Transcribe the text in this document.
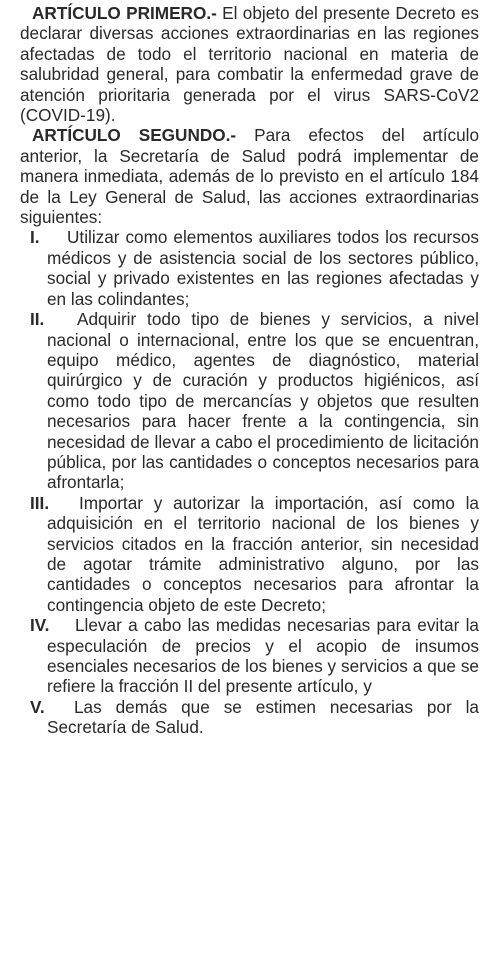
ARTÍCULO PRIMERO.- El objeto del presente Decreto es declarar diversas acciones extraordinarias en las regiones afectadas de todo el territorio nacional en materia de salubridad general, para combatir la enfermedad grave de atención prioritaria generada por el virus SARS-CoV2 (COVID-19).

ARTÍCULO SEGUNDO.- Para efectos del artículo anterior, la Secretaría de Salud podrá implementar de manera inmediata, además de lo previsto en el artículo 184 de la Ley General de Salud, las acciones extraordinarias siguientes:

I.	Utilizar como elementos auxiliares todos los recursos médicos y de asistencia social de los sectores público, social y privado existentes en las regiones afectadas y en las colindantes;
II.	Adquirir todo tipo de bienes y servicios, a nivel nacional o internacional, entre los que se encuentran, equipo médico, agentes de diagnóstico, material quirúrgico y de curación y productos higiénicos, así como todo tipo de mercancías y objetos que resulten necesarios para hacer frente a la contingencia, sin necesidad de llevar a cabo el procedimiento de licitación pública, por las cantidades o conceptos necesarios para afrontarla;
III.	Importar y autorizar la importación, así como la adquisición en el territorio nacional de los bienes y servicios citados en la fracción anterior, sin necesidad de agotar trámite administrativo alguno, por las cantidades o conceptos necesarios para afrontar la contingencia objeto de este Decreto;
IV.	Llevar a cabo las medidas necesarias para evitar la especulación de precios y el acopio de insumos esenciales necesarios de los bienes y servicios a que se refiere la fracción II del presente artículo, y
V.	Las demás que se estimen necesarias por la Secretaría de Salud.
